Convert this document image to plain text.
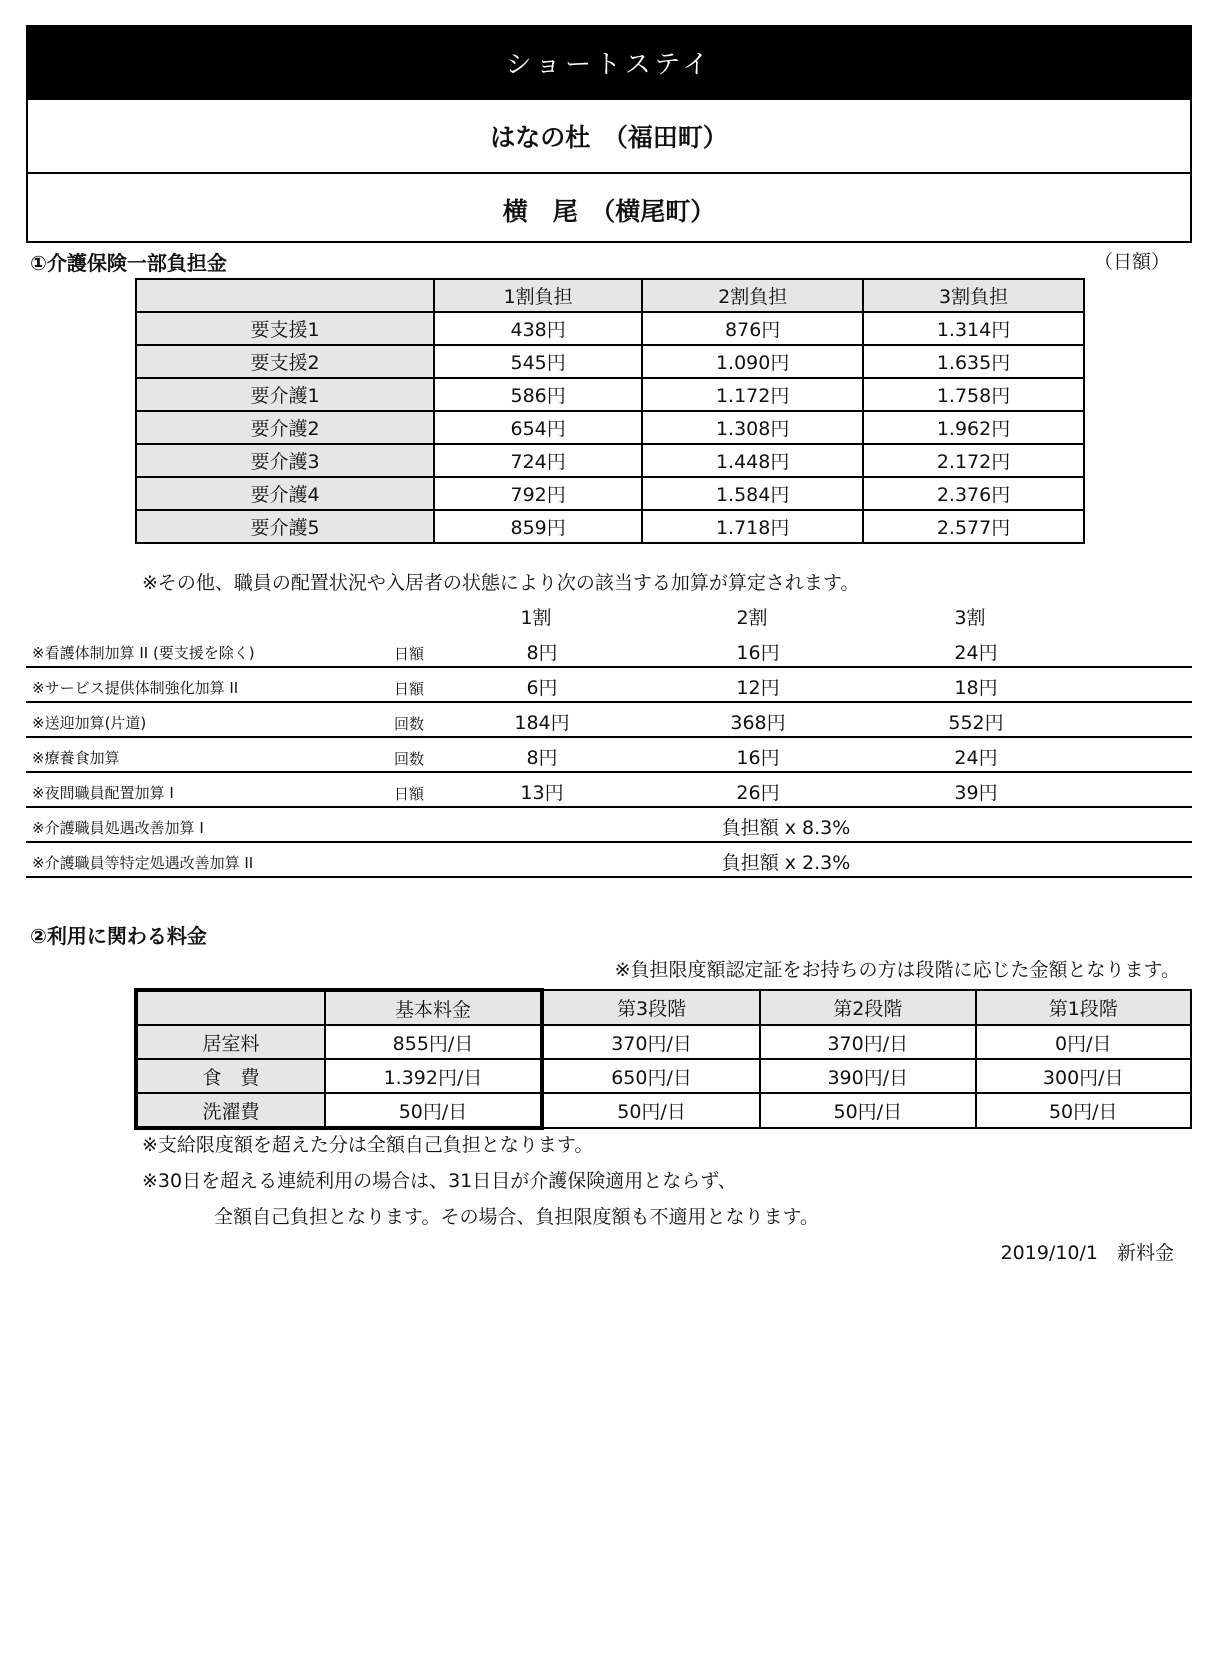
ショートステイ
はなの杜　（福田町）
横　尾　（横尾町）
①介護保険一部負担金	（日額）
	1割負担	2割負担	3割負担
要支援1	438円	876円	1.314円
要支援2	545円	1.090円	1.635円
要介護1	586円	1.172円	1.758円
要介護2	654円	1.308円	1.962円
要介護3	724円	1.448円	2.172円
要介護4	792円	1.584円	2.376円
要介護5	859円	1.718円	2.577円
※その他、職員の配置状況や入居者の状態により次の該当する加算が算定されます。
1割	2割	3割
※看護体制加算 II (要支援を除く)	日額	8円	16円	24円
※サービス提供体制強化加算 II	日額	6円	12円	18円
※送迎加算(片道)	回数	184円	368円	552円
※療養食加算	回数	8円	16円	24円
※夜間職員配置加算 I	日額	13円	26円	39円
※介護職員処遇改善加算 I	負担額 x 8.3%
※介護職員等特定処遇改善加算 II	負担額 x 2.3%
②利用に関わる料金
※負担限度額認定証をお持ちの方は段階に応じた金額となります。
	基本料金	第3段階	第2段階	第1段階
居室料	855円/日	370円/日	370円/日	0円/日
食　費	1.392円/日	650円/日	390円/日	300円/日
洗濯費	50円/日	50円/日	50円/日	50円/日
※支給限度額を超えた分は全額自己負担となります。
※30日を超える連続利用の場合は、31日目が介護保険適用とならず、
全額自己負担となります。その場合、負担限度額も不適用となります。
2019/10/1　新料金
